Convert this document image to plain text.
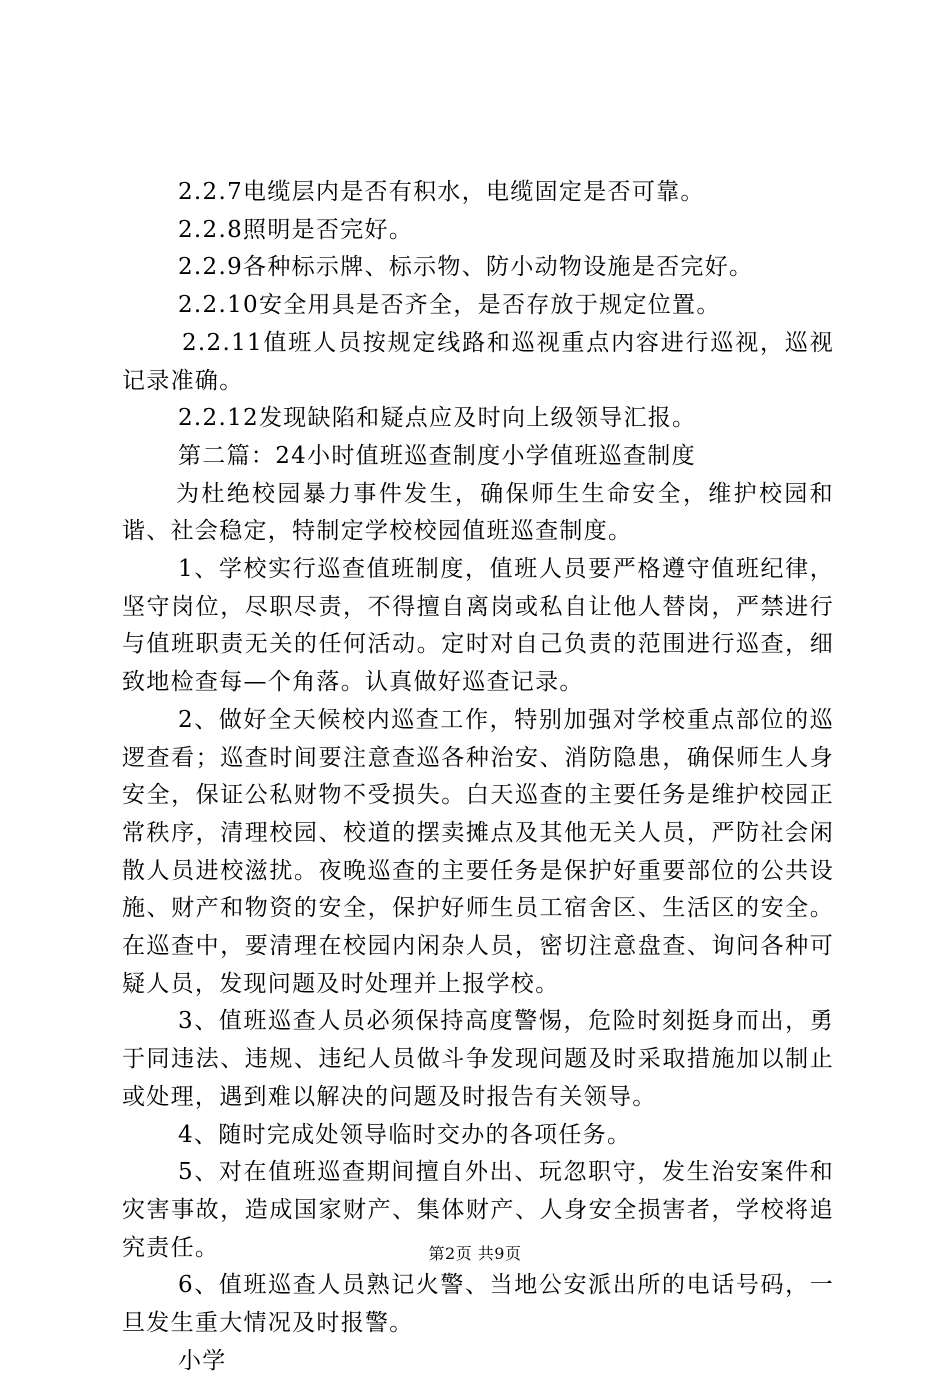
2.2.7电缆层内是否有积水，电缆固定是否可靠。

2.2.8照明是否完好。

2.2.9各种标示牌、标示物、防小动物设施是否完好。

2.2.10安全用具是否齐全，是否存放于规定位置。

2.2.11值班人员按规定线路和巡视重点内容进行巡视，巡视记录准确。

2.2.12发现缺陷和疑点应及时向上级领导汇报。

第二篇：24小时值班巡查制度小学值班巡查制度

为杜绝校园暴力事件发生，确保师生生命安全，维护校园和谐、社会稳定，特制定学校校园值班巡查制度。

1、学校实行巡查值班制度，值班人员要严格遵守值班纪律，坚守岗位，尽职尽责，不得擅自离岗或私自让他人替岗，严禁进行与值班职责无关的任何活动。定时对自己负责的范围进行巡查，细致地检查每—个角落。认真做好巡查记录。

2、做好全天候校内巡查工作，特别加强对学校重点部位的巡逻查看；巡查时间要注意查巡各种治安、消防隐患，确保师生人身安全，保证公私财物不受损失。白天巡查的主要任务是维护校园正常秩序，清理校园、校道的摆卖摊点及其他无关人员，严防社会闲散人员进校滋扰。夜晚巡查的主要任务是保护好重要部位的公共设施、财产和物资的安全，保护好师生员工宿舍区、生活区的安全。在巡查中，要清理在校园内闲杂人员，密切注意盘查、询问各种可疑人员，发现问题及时处理并上报学校。

3、值班巡查人员必须保持高度警惕，危险时刻挺身而出，勇于同违法、违规、违纪人员做斗争发现问题及时采取措施加以制止或处理，遇到难以解决的问题及时报告有关领导。

4、随时完成处领导临时交办的各项任务。

5、对在值班巡查期间擅自外出、玩忽职守，发生治安案件和灾害事故，造成国家财产、集体财产、人身安全损害者，学校将追究责任。

6、值班巡查人员熟记火警、当地公安派出所的电话号码，一旦发生重大情况及时报警。

小学

第2页 共9页
